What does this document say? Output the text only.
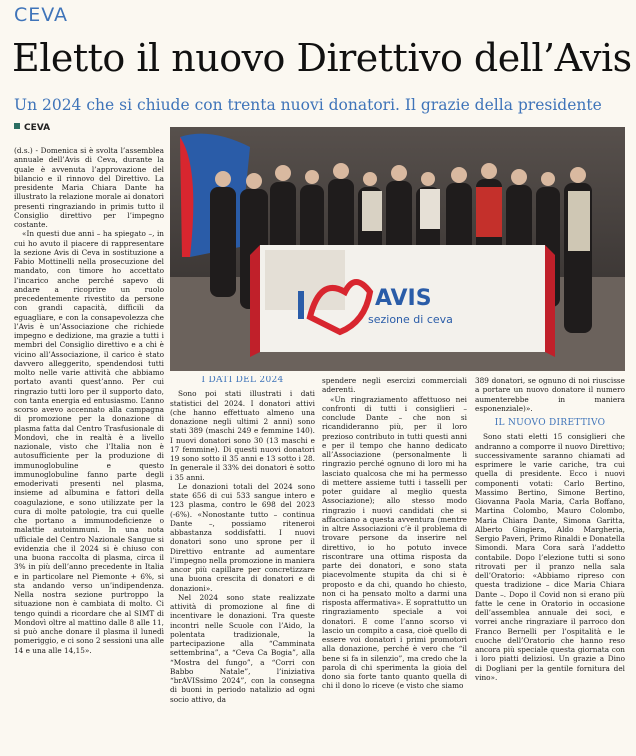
CEVA
Eletto il nuovo Direttivo dell’Avis
Un 2024 che si chiude con trenta nuovi donatori. Il grazie della presidente
CEVA

(d.s.) - Domenica si è svolta l’assemblea annuale dell’Avis di Ceva, durante la quale è avvenuta l’approvazione del bilancio e il rinnovo del Direttivo. La presidente Maria Chiara Dante ha illustrato la relazione morale ai donatori presenti ringraziando in primis tutto il Consiglio direttivo per l’impegno costante.

«In questi due anni – ha spiegato –, in cui ho avuto il piacere di rappresentare la sezione Avis di Ceva in sostituzione a Fabio Mottinelli nella prosecuzione del mandato, con timore ho accettato l’incarico anche perché sapevo di andare a ricoprire un ruolo precedentemente rivestito da persone con grandi capacità, difficili da eguagliare, e con la consapevolezza che l’Avis è un’Associazione che richiede impegno e dedizione, ma grazie a tutti i membri del Consiglio direttivo e a chi è vicino all’Associazione, il carico è stato davvero alleggerito, spendendosi tutti molto nelle varie attività che abbiamo portato avanti quest’anno. Per cui ringrazio tutti loro per il supporto dato, con tanta energia ed entusiasmo. L’anno scorso avevo accennato alla campagna di promozione per la donazione di plasma fatta dal Centro Trasfusionale di Mondovì, che in realtà è a livello nazionale, visto che l’Italia non è autosufficiente per la produzione di immunoglobuline e questo immunoglobuline fanno parte degli emoderivati presenti nel plasma, insieme ad albumina e fattori della coagulazione, e sono utilizzate per la cura di molte patologie, tra cui quelle che portano a immunodeficienze o malattie autoimmuni. In una nota ufficiale del Centro Nazionale Sangue si evidenzia che il 2024 si è chiuso con una buona raccolta di plasma, circa il 3% in più dell’anno precedente in Italia e in particolare nel Piemonte + 6%, si sta andando verso un’indipendenza. Nella nostra sezione purtroppo la situazione non è cambiata di molto. Ci tengo quindi a ricordare che al SIMT di Mondovì oltre al mattino dalle 8 alle 11, si può anche donare il plasma il lunedì pomeriggio, e ci sono 2 sessioni una alle 14 e una alle 14,15».

AVIS
sezione di ceva
I DATI DEL 2024

Sono poi stati illustrati i dati statistici del 2024. I donatori attivi (che hanno effettuato almeno una donazione negli ultimi 2 anni) sono stati 389 (maschi 249 e femmine 140). I nuovi donatori sono 30 (13 maschi e 17 femmine). Di questi nuovi donatori 19 sono sotto il 35 anni e 13 sotto i 28. In generale il 33% dei donatori è sotto i 35 anni.

Le donazioni totali del 2024 sono state 656 di cui 533 sangue intero e 123 plasma, contro le 698 del 2023 (-6%). «Nonostante tutto – continua Dante –, possiamo riteneroi abbastanza soddisfatti. I nuovi donatori sono uno sprone per il Direttivo entrante ad aumentare l’impegno nella promozione in maniera ancor più capillare per concretizzare una buona crescita di donatori e di donazioni».

Nel 2024 sono state realizzate attività di promozione al fine di incentivare le donazioni. Tra queste incontri nelle Scuole con l’Aido, la polentata tradizionale, la partecipazione alla “Camminata settembrina”, a “Ceva Ca Bogia”, alla “Mostra del fungo”, a “Corri con Babbo Natale”, l’iniziativa “brAVISsimo 2024”, con la consegna di buoni in periodo natalizio ad ogni socio attivo, da

spendere negli esercizi commerciali aderenti.

«Un ringraziamento affettuoso nei confronti di tutti i consiglieri – conclude Dante – che non si ricandideranno più, per il loro prezioso contributo in tutti questi anni e per il tempo che hanno dedicato all’Associazione (personalmente li ringrazio perché ognuno di loro mi ha lasciato qualcosa che mi ha permesso di mettere assieme tutti i tasselli per poter guidare al meglio questa Associazione); allo stesso modo ringrazio i nuovi candidati che si affacciano a questa avventura (mentre in altre Associazioni c’è il problema di trovare persone da inserire nel direttivo, io ho potuto invece riscontrare una ottima risposta da parte dei donatori, e sono stata piacevolmente stupita da chi si è proposto e da chi, quando ho chiesto, non ci ha pensato molto a darmi una risposta affermativa». E soprattutto un ringraziamento speciale a voi donatori. E come l’anno scorso vi lascio un compito a casa, cioè quello di essere voi donatori i primi promotori alla donazione, perché è vero che “il bene si fa in silenzio”, ma credo che la parola di chi sperimenta la gioia del dono sia forte tanto quanto quella di chi il dono lo riceve (e visto che siamo

389 donatori, se ognuno di noi riuscisse a portare un nuovo donatore il numero aumenterebbe in maniera esponenziale)».

IL NUOVO DIRETTIVO

Sono stati eletti 15 consiglieri che andranno a comporre il nuovo Direttivo; successivamente saranno chiamati ad esprimere le varie cariche, tra cui quella di presidente. Ecco i nuovi componenti votati: Carlo Bertino, Massimo Bertino, Simone Bertino, Giovanna Paola Maria, Carla Boffano, Martina Colombo, Mauro Colombo, Maria Chiara Dante, Simona Garitta, Alberto Gingiera, Aldo Margheria, Sergio Paveri, Primo Rinaldi e Donatella Simondi. Mara Cora sarà l’addetto contabile. Dopo l’elezione tutti si sono ritrovati per il pranzo nella sala dell’Oratorio: «Abbiamo ripreso con questa tradizione – dice Maria Chiara Dante –. Dopo il Covid non si erano più fatte le cene in Oratorio in occasione dell’assemblea annuale dei soci, e vorrei anche ringraziare il parroco don Franco Bernelli per l’ospitalità e le cuoche dell’Oratorio che hanno reso ancora più speciale questa giornata con i loro piatti deliziosi. Un grazie a Dino di Dogliani per la gentile fornitura del vino».
